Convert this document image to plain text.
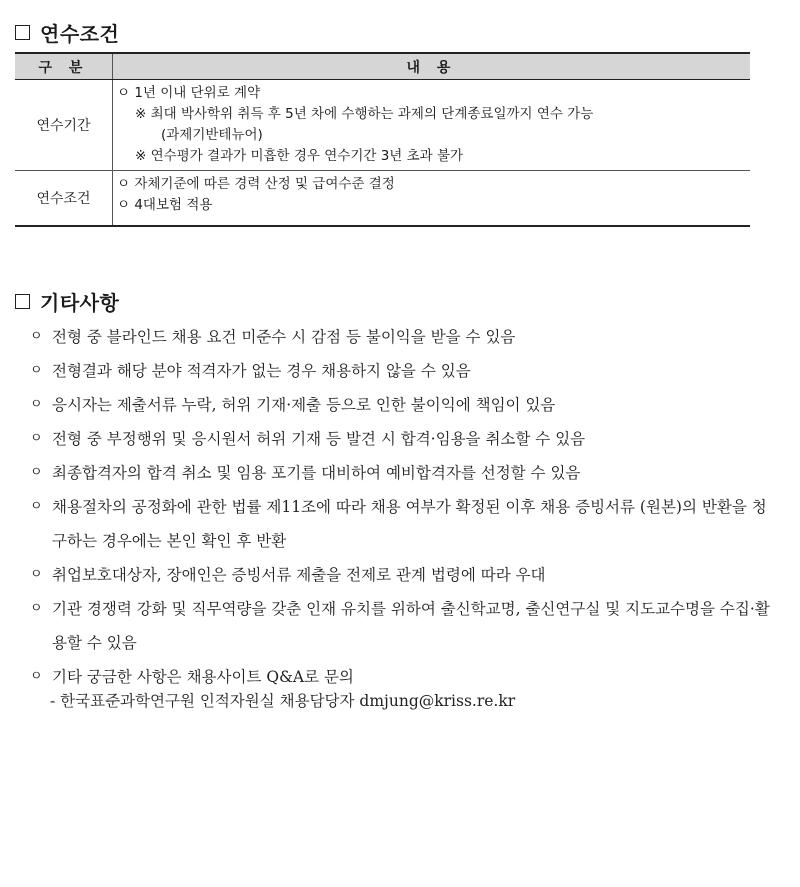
연수조건
구 분	내 용
연수기간	ㅇ 1년 이내 단위로 계약
※ 최대 박사학위 취득 후 5년 차에 수행하는 과제의 단계종료일까지 연수 가능
(과제기반테뉴어)
※ 연수평가 결과가 미흡한 경우 연수기간 3년 초과 불가

연수조건	ㅇ 자체기준에 따른 경력 산정 및 급여수준 결정
ㅇ 4대보험 적용
기타사항
ㅇ 전형 중 블라인드 채용 요건 미준수 시 감점 등 불이익을 받을 수 있음
ㅇ 전형결과 해당 분야 적격자가 없는 경우 채용하지 않을 수 있음
ㅇ 응시자는 제출서류 누락, 허위 기재·제출 등으로 인한 불이익에 책임이 있음
ㅇ 전형 중 부정행위 및 응시원서 허위 기재 등 발견 시 합격·임용을 취소할 수 있음
ㅇ 최종합격자의 합격 취소 및 임용 포기를 대비하여 예비합격자를 선정할 수 있음
ㅇ 채용절차의 공정화에 관한 법률 제11조에 따라 채용 여부가 확정된 이후 채용 증빙서류 (원본)의 반환을 청구하는 경우에는 본인 확인 후 반환
ㅇ 취업보호대상자, 장애인은 증빙서류 제출을 전제로 관계 법령에 따라 우대
ㅇ 기관 경쟁력 강화 및 직무역량을 갖춘 인재 유치를 위하여 출신학교명, 출신연구실 및 지도교수명을 수집·활용할 수 있음
ㅇ 기타 궁금한 사항은 채용사이트 Q&A로 문의
- 한국표준과학연구원 인적자원실 채용담당자 dmjung@kriss.re.kr
